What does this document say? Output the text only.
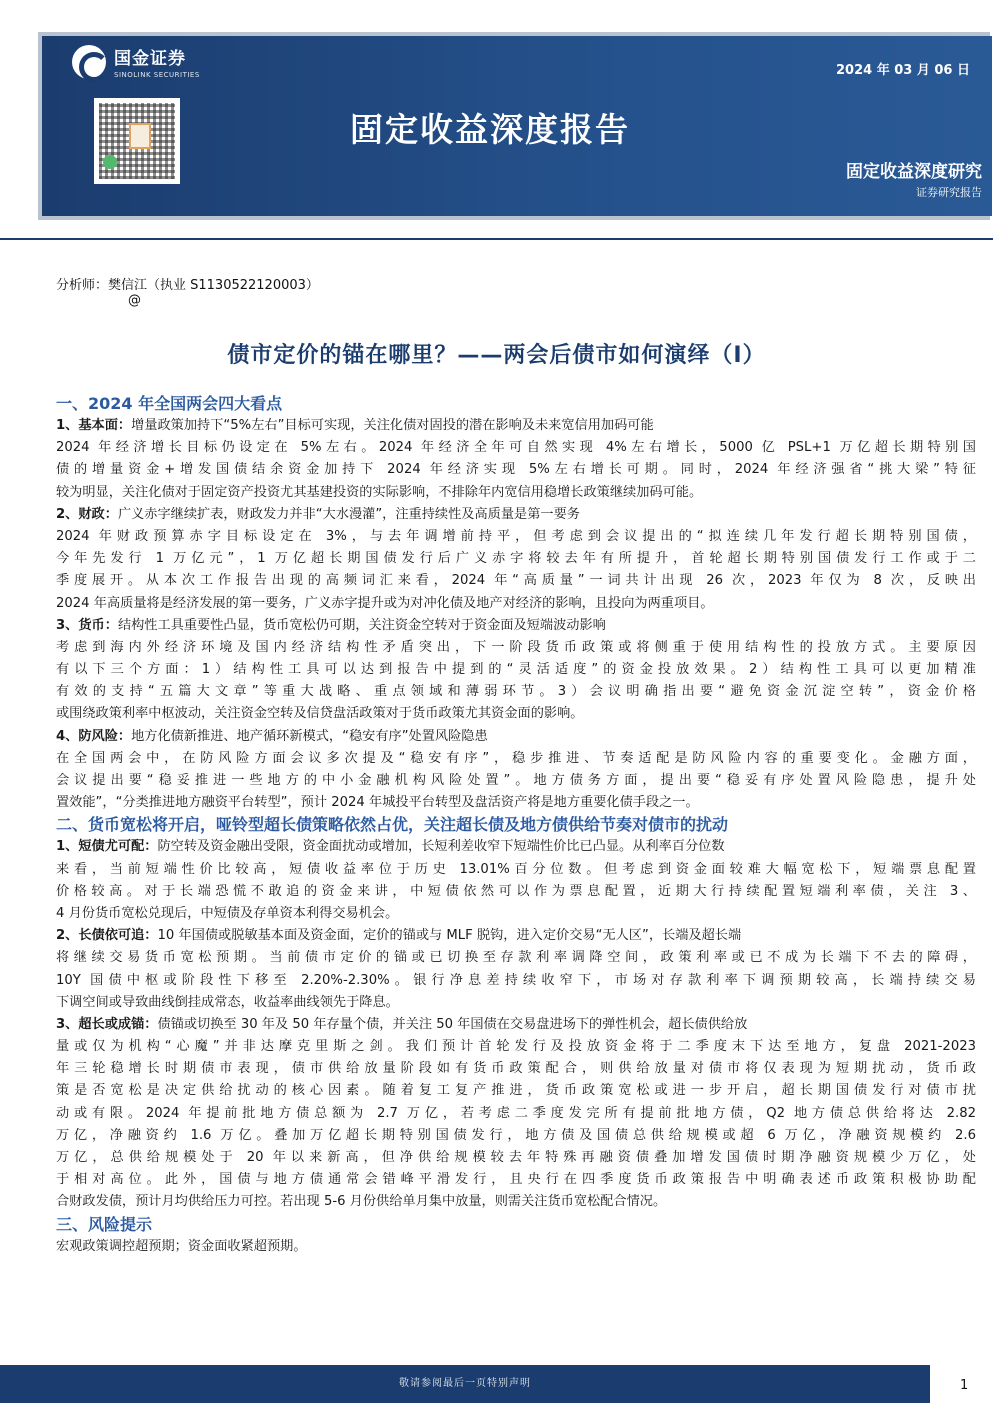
国金证券
SINOLINK SECURITIES	2024 年 03 月 06 日
固定收益深度报告
固定收益深度研究
证券研究报告
分析师：樊信江（执业 S1130522120003）
@
债市定价的锚在哪里？——两会后债市如何演绎（I）
一、2024 年全国两会四大看点
1、基本面：增量政策加持下“5%左右”目标可实现，关注化债对固投的潜在影响及未来宽信用加码可能
2024 年经济增长目标仍设定在 5%左右。2024 年经济全年可自然实现 4%左右增长，5000 亿 PSL+1 万亿超长期特别国
债的增量资金+增发国债结余资金加持下 2024 年经济实现 5%左右增长可期。同时，2024 年经济强省“挑大梁”特征
较为明显，关注化债对于固定资产投资尤其基建投资的实际影响，不排除年内宽信用稳增长政策继续加码可能。
2、财政：广义赤字继续扩表，财政发力并非“大水漫灌”，注重持续性及高质量是第一要务
2024 年财政预算赤字目标设定在 3%，与去年调增前持平，但考虑到会议提出的“拟连续几年发行超长期特别国债，
今年先发行 1 万亿元”，1 万亿超长期国债发行后广义赤字将较去年有所提升，首轮超长期特别国债发行工作或于二
季度展开。从本次工作报告出现的高频词汇来看，2024 年“高质量”一词共计出现 26 次，2023 年仅为 8 次，反映出
2024 年高质量将是经济发展的第一要务，广义赤字提升或为对冲化债及地产对经济的影响，且投向为两重项目。
3、货币：结构性工具重要性凸显，货币宽松仍可期，关注资金空转对于资金面及短端波动影响
考虑到海内外经济环境及国内经济结构性矛盾突出，下一阶段货币政策或将侧重于使用结构性的投放方式。主要原因
有以下三个方面：1）结构性工具可以达到报告中提到的“灵活适度”的资金投放效果。2）结构性工具可以更加精准
有效的支持“五篇大文章”等重大战略、重点领域和薄弱环节。3）会议明确指出要“避免资金沉淀空转”，资金价格
或围绕政策利率中枢波动，关注资金空转及信贷盘活政策对于货币政策尤其资金面的影响。
4、防风险：地方化债新推进、地产循环新模式，“稳安有序”处置风险隐患
在全国两会中，在防风险方面会议多次提及“稳安有序”，稳步推进、节奏适配是防风险内容的重要变化。金融方面，
会议提出要“稳妥推进一些地方的中小金融机构风险处置”。地方债务方面，提出要“稳妥有序处置风险隐患，提升处
置效能”，“分类推进地方融资平台转型”，预计 2024 年城投平台转型及盘活资产将是地方重要化债手段之一。
二、货币宽松将开启，哑铃型超长债策略依然占优，关注超长债及地方债供给节奏对债市的扰动
1、短债尤可配：防空转及资金融出受限，资金面扰动或增加，长短利差收窄下短端性价比已凸显。从利率百分位数
来看，当前短端性价比较高，短债收益率位于历史 13.01%百分位数。但考虑到资金面较难大幅宽松下，短端票息配置
价格较高。对于长端恐慌不敢追的资金来讲，中短债依然可以作为票息配置，近期大行持续配置短端利率债，关注 3、
4 月份货币宽松兑现后，中短债及存单资本利得交易机会。
2、长债依可追：10 年国债或脱敏基本面及资金面，定价的锚或与 MLF 脱钩，进入定价交易“无人区”，长端及超长端
将继续交易货币宽松预期。当前债市定价的锚或已切换至存款利率调降空间，政策利率或已不成为长端下不去的障碍，
10Y 国债中枢或阶段性下移至 2.20%-2.30%。银行净息差持续收窄下，市场对存款利率下调预期较高，长端持续交易
下调空间或导致曲线倒挂成常态，收益率曲线领先于降息。
3、超长或成锚：债锚或切换至 30 年及 50 年存量个债，并关注 50 年国债在交易盘进场下的弹性机会，超长债供给放
量或仅为机构“心魔”并非达摩克里斯之剑。我们预计首轮发行及投放资金将于二季度末下达至地方，复盘 2021-2023
年三轮稳增长时期债市表现，债市供给放量阶段如有货币政策配合，则供给放量对债市将仅表现为短期扰动，货币政
策是否宽松是决定供给扰动的核心因素。随着复工复产推进，货币政策宽松或进一步开启，超长期国债发行对债市扰
动或有限。2024 年提前批地方债总额为 2.7 万亿，若考虑二季度发完所有提前批地方债，Q2 地方债总供给将达 2.82
万亿，净融资约 1.6 万亿。叠加万亿超长期特别国债发行，地方债及国债总供给规模或超 6 万亿，净融资规模约 2.6
万亿，总供给规模处于 20 年以来新高，但净供给规模较去年特殊再融资债叠加增发国债时期净融资规模少万亿，处
于相对高位。此外，国债与地方债通常会错峰平滑发行，且央行在四季度货币政策报告中明确表述币政策积极协助配
合财政发债，预计月均供给压力可控。若出现 5-6 月份供给单月集中放量，则需关注货币宽松配合情况。
三、风险提示
宏观政策调控超预期；资金面收紧超预期。
敬请参阅最后一页特别声明	1
